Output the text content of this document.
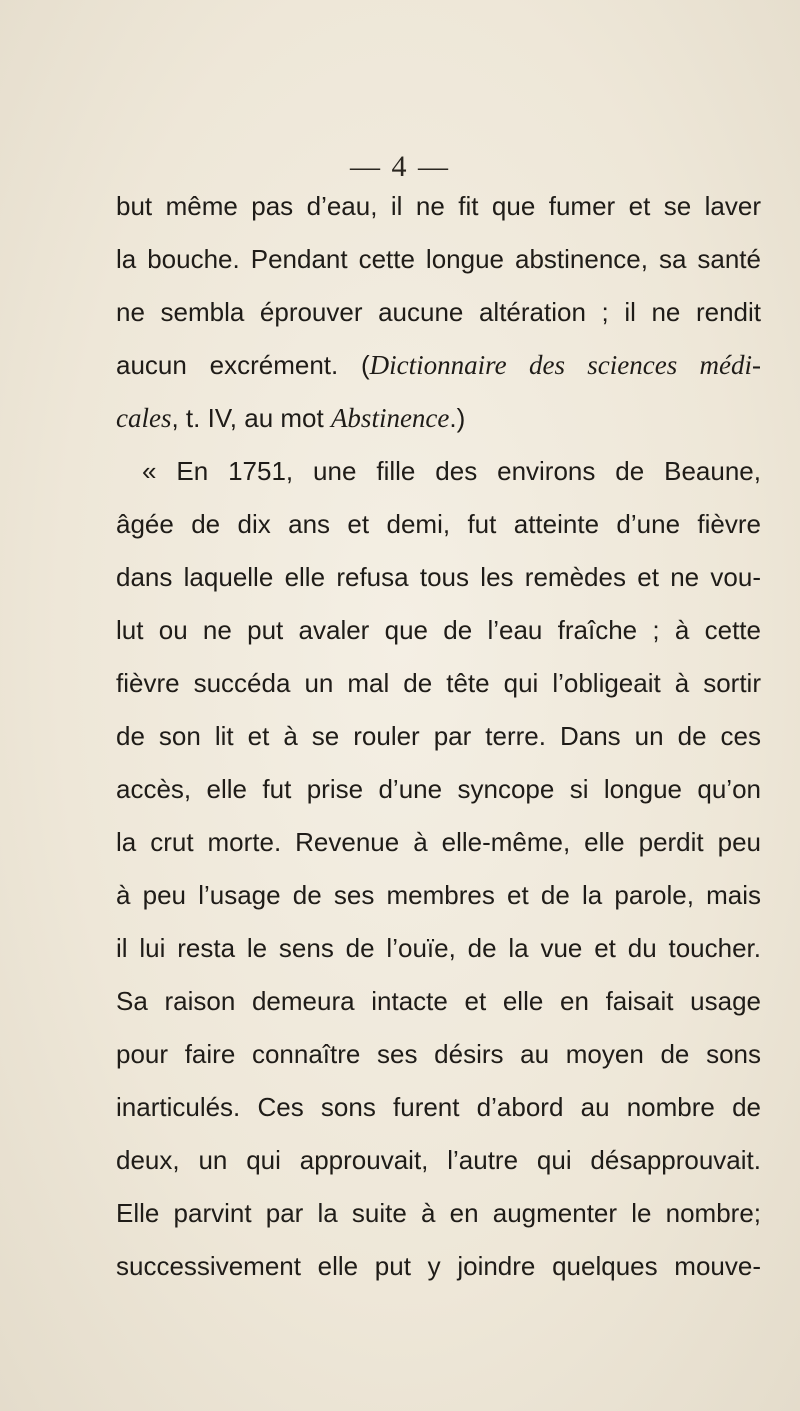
— 4 —
but même pas d’eau, il ne fit que fumer et se laver
la bouche. Pendant cette longue abstinence, sa santé
ne sembla éprouver aucune altération ; il ne rendit
aucun excrément. (Dictionnaire des sciences médi-
cales, t. IV, au mot Abstinence.)
« En 1751, une fille des environs de Beaune,
âgée de dix ans et demi, fut atteinte d’une fièvre
dans laquelle elle refusa tous les remèdes et ne vou-
lut ou ne put avaler que de l’eau fraîche ; à cette
fièvre succéda un mal de tête qui l’obligeait à sortir
de son lit et à se rouler par terre. Dans un de ces
accès, elle fut prise d’une syncope si longue qu’on
la crut morte. Revenue à elle-même, elle perdit peu
à peu l’usage de ses membres et de la parole, mais
il lui resta le sens de l’ouïe, de la vue et du toucher.
Sa raison demeura intacte et elle en faisait usage
pour faire connaître ses désirs au moyen de sons
inarticulés. Ces sons furent d’abord au nombre de
deux, un qui approuvait, l’autre qui désapprouvait.
Elle parvint par la suite à en augmenter le nombre;
successivement elle put y joindre quelques mouve-
